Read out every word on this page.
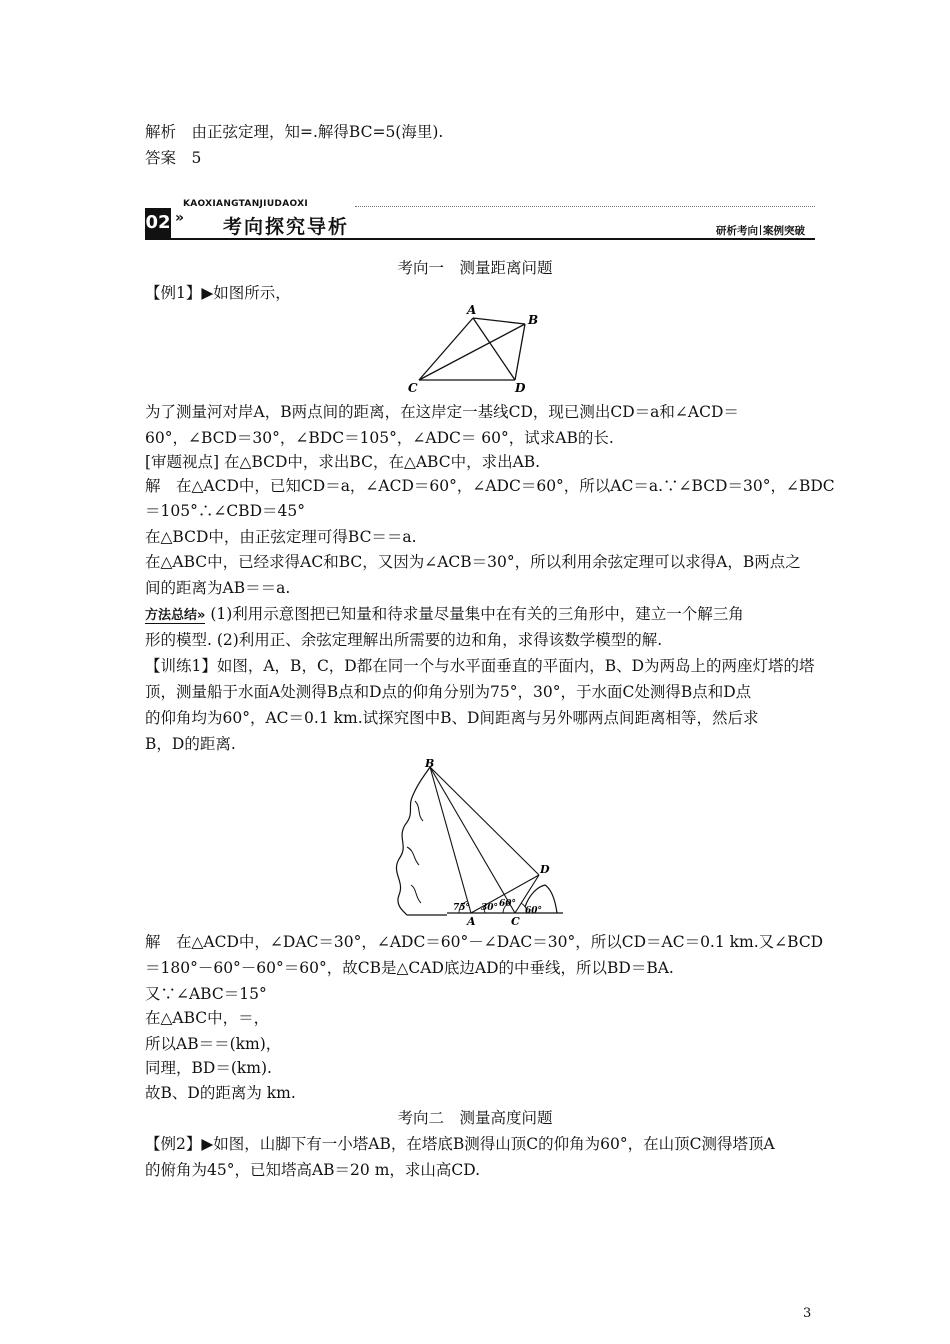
解析　由正弦定理，知=.解得BC=5(海里).
答案　5
02 »
KAOXIANGTANJIUDAOXI
考向探究导析	研析考向 案例突破
考向一　测量距离问题
【例1】▶如图所示，
A
B
C	D
为了测量河对岸A，B两点间的距离，在这岸定一基线CD，现已测出CD＝a和∠ACD＝
60°，∠BCD＝30°，∠BDC＝105°，∠ADC＝ 60°，试求AB的长.
[审题视点] 在△BCD中，求出BC，在△ABC中，求出AB.
解　在△ACD中，已知CD＝a，∠ACD＝60°，∠ADC＝60°，所以AC＝a.∵∠BCD＝30°，∠BDC
＝105°∴∠CBD＝45°
在△BCD中，由正弦定理可得BC＝＝a.
在△ABC中，已经求得AC和BC，又因为∠ACB＝30°，所以利用余弦定理可以求得A，B两点之
间的距离为AB＝＝a.
方法总结» (1)利用示意图把已知量和待求量尽量集中在有关的三角形中，建立一个解三角
形的模型. (2)利用正、余弦定理解出所需要的边和角，求得该数学模型的解.
【训练1】如图，A，B，C，D都在同一个与水平面垂直的平面内，B、D为两岛上的两座灯塔的塔
顶，测量船于水面A处测得B点和D点的仰角分别为75°，30°，于水面C处测得B点和D点
的仰角均为60°，AC＝0.1 km.试探究图中B、D间距离与另外哪两点间距离相等，然后求
B，D的距离.
B
D
A	C
75° 30° 60°
60°
解　在△ACD中，∠DAC＝30°，∠ADC＝60°－∠DAC＝30°，所以CD＝AC＝0.1 km.又∠BCD
＝180°－60°－60°＝60°，故CB是△CAD底边AD的中垂线，所以BD＝BA.
又∵∠ABC＝15°
在△ABC中，＝，
所以AB＝＝(km)，
同理，BD＝(km).
故B、D的距离为 km.
考向二　测量高度问题
【例2】▶如图，山脚下有一小塔AB，在塔底B测得山顶C的仰角为60°，在山顶C测得塔顶A
的俯角为45°，已知塔高AB＝20 m，求山高CD.
3
